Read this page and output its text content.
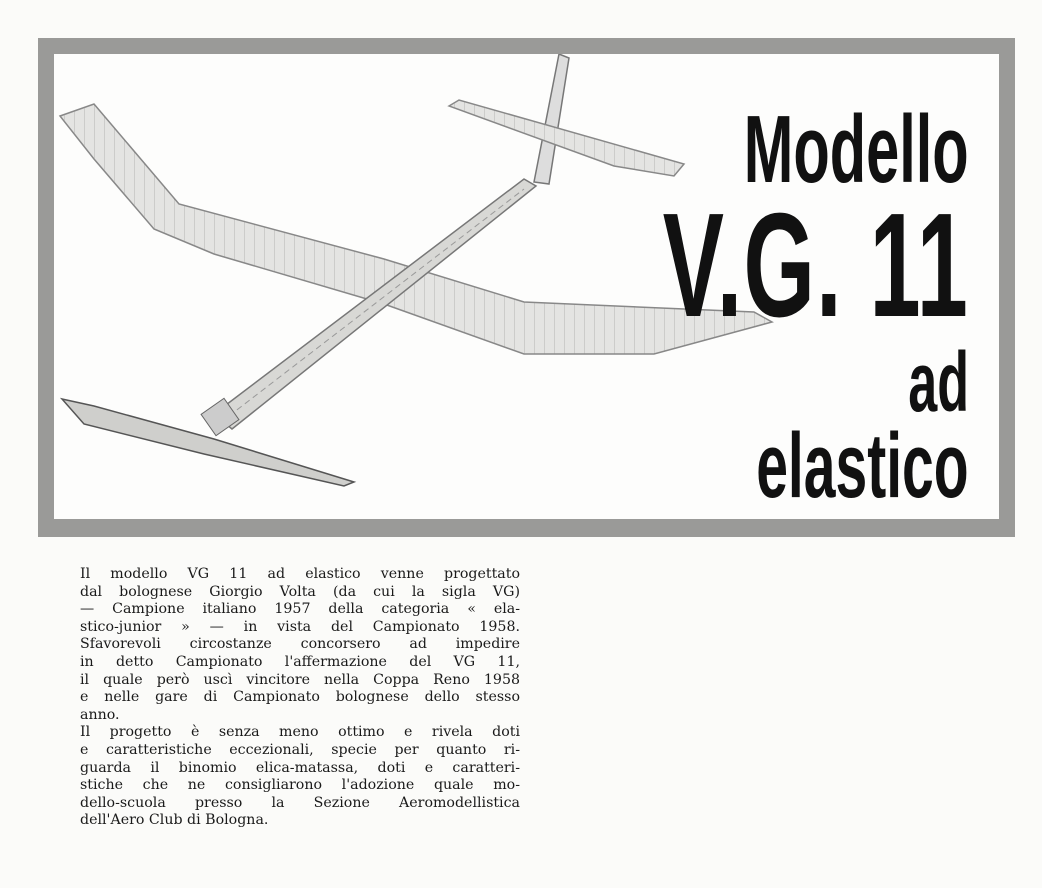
Modello
V.G. 11
ad
elastico
Il modello VG 11 ad elastico venne progettato
dal bolognese Giorgio Volta (da cui la sigla VG)
— Campione italiano 1957 della categoria « ela-
stico-junior » — in vista del Campionato 1958.
Sfavorevoli circostanze concorsero ad impedire
in detto Campionato l'affermazione del VG 11,
il quale però uscì vincitore nella Coppa Reno 1958
e nelle gare di Campionato bolognese dello stesso
anno.
Il progetto è senza meno ottimo e rivela doti
e caratteristiche eccezionali, specie per quanto ri-
guarda il binomio elica-matassa, doti e caratteri-
stiche che ne consigliarono l'adozione quale mo-
dello-scuola presso la Sezione Aeromodellistica
dell'Aero Club di Bologna.
